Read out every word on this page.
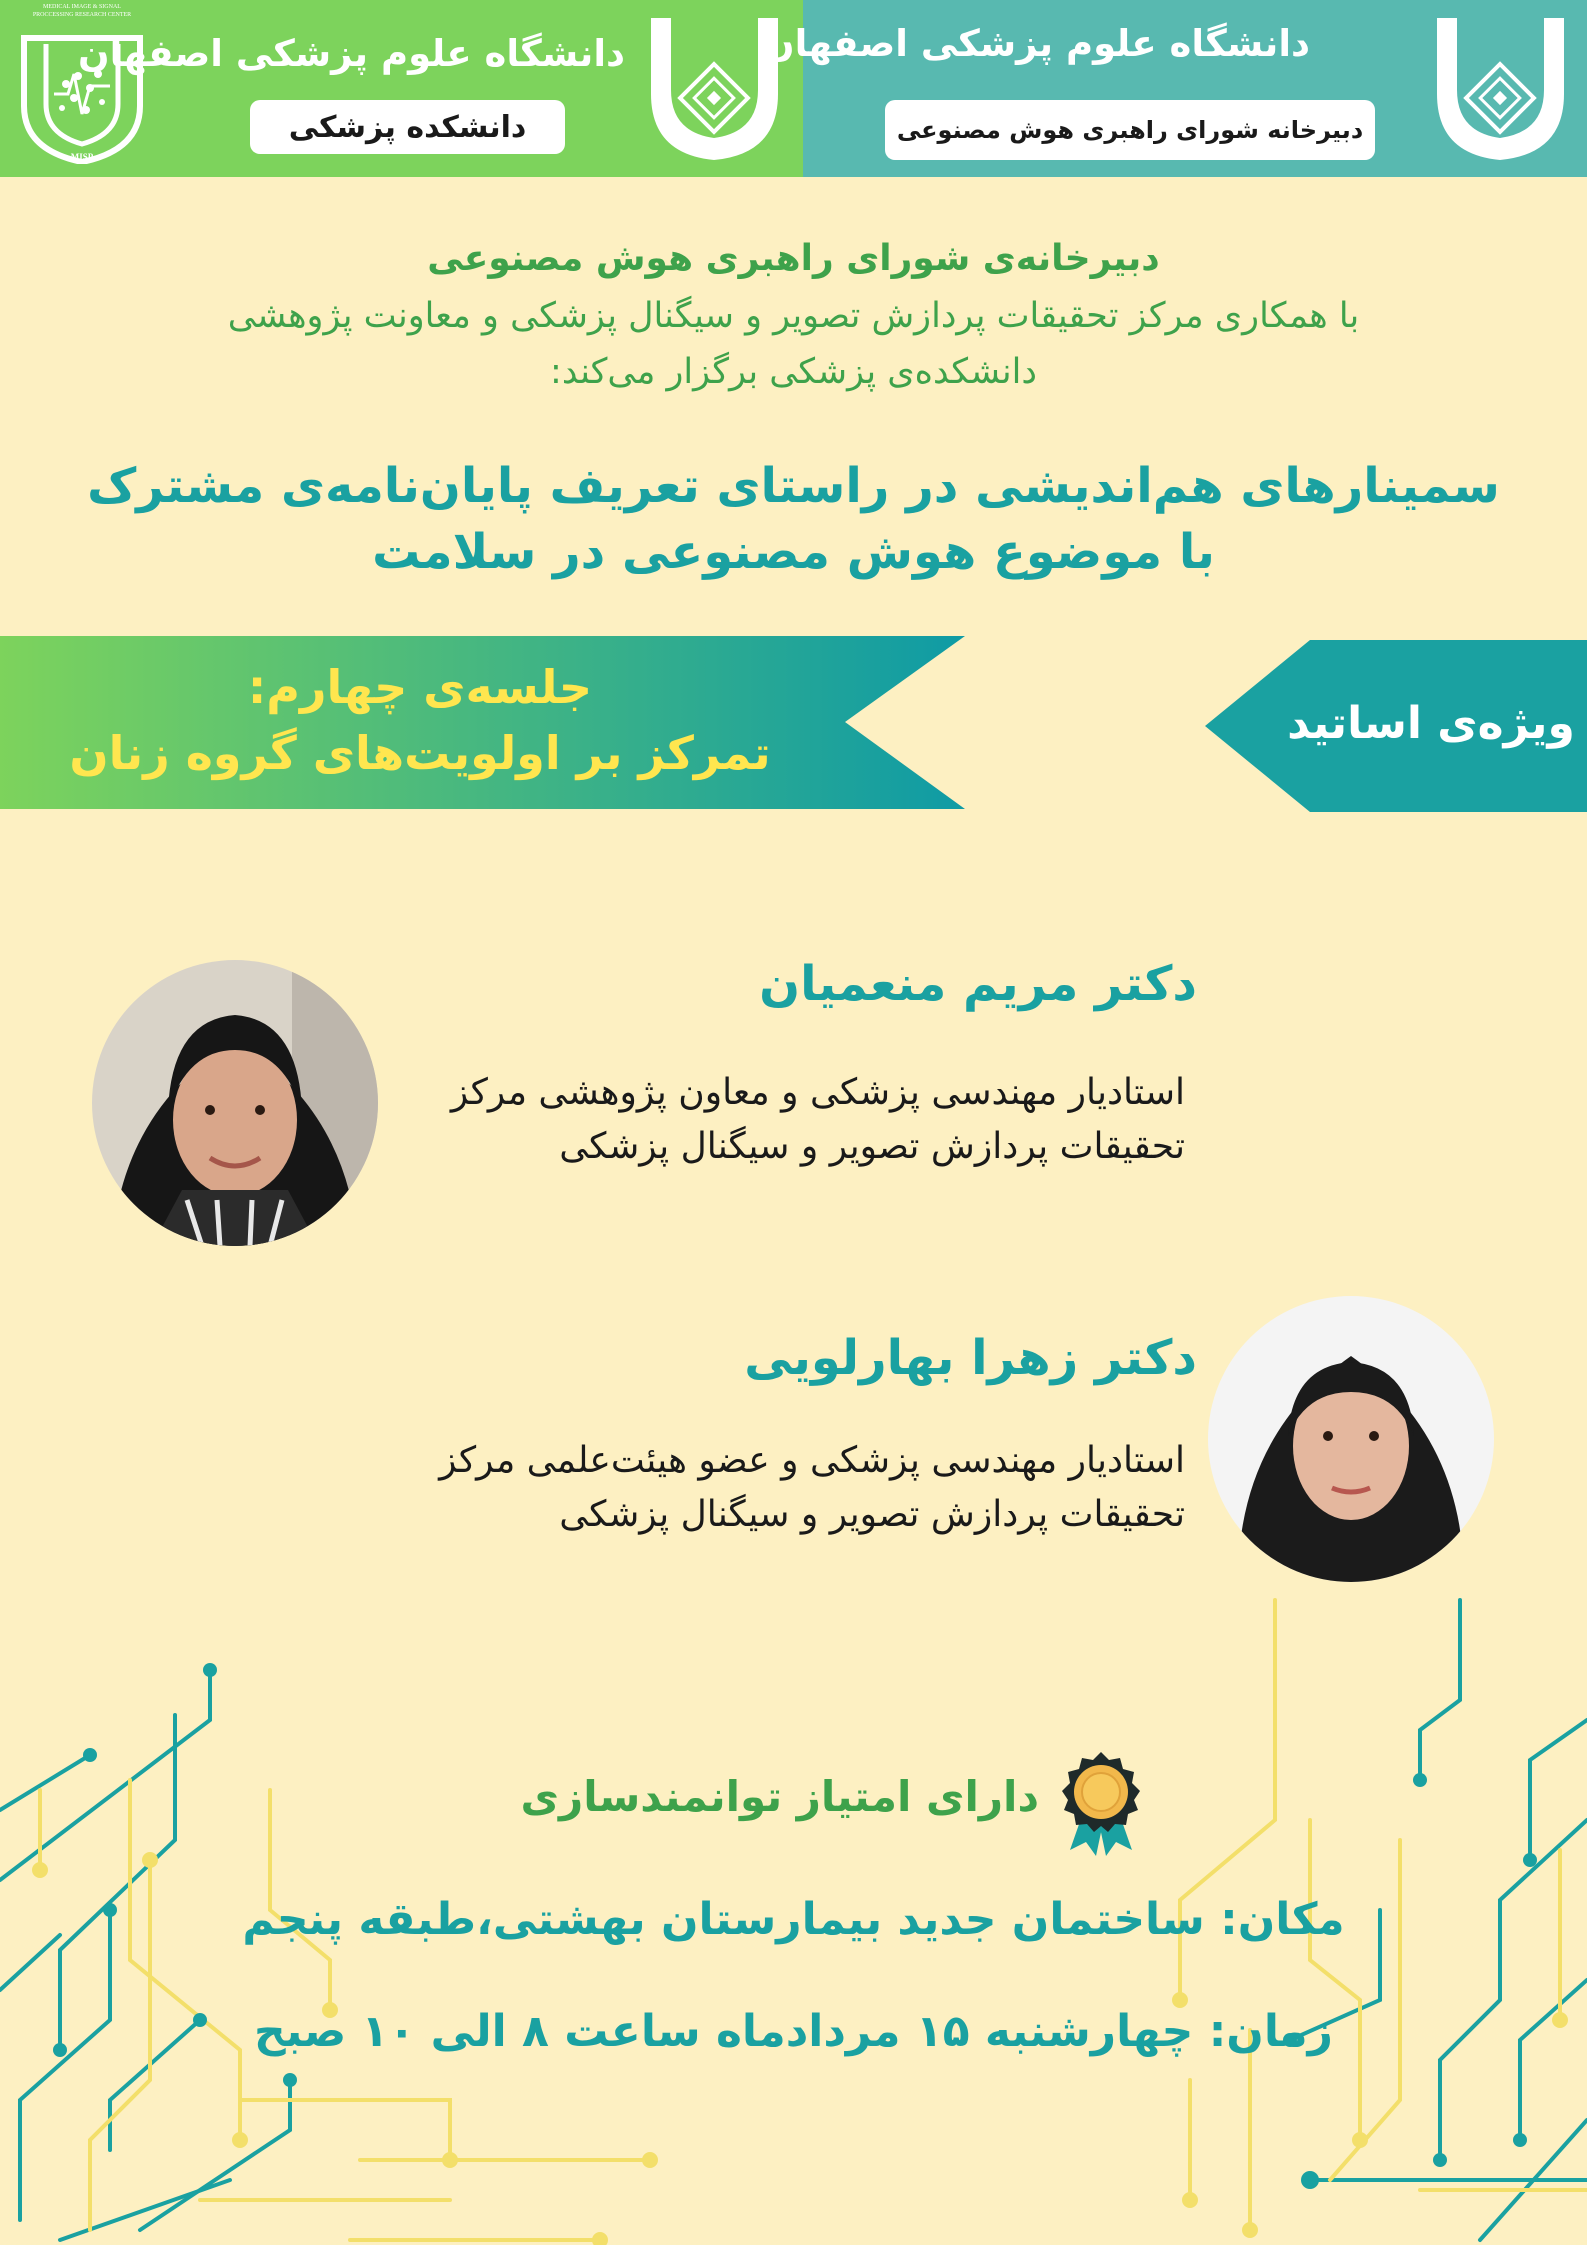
MEDICAL IMAGE & SIGNAL
PROCCESSING RESEARCH CENTER
MISP
دانشگاه علوم پزشکی اصفهان
دانشکده پزشکی
دانشگاه علوم پزشکی اصفهان
دبیرخانه شورای راهبری هوش مصنوعی
دبیرخانه‌ی شورای راهبری هوش مصنوعی
با همکاری مرکز تحقیقات پردازش تصویر و سیگنال پزشکی و معاونت پژوهشی
دانشکده‌ی پزشکی برگزار می‌کند:
سمینارهای هم‌اندیشی در راستای تعریف پایان‌نامه‌ی مشترک
با موضوع هوش مصنوعی در سلامت
جلسه‌ی چهارم:
تمرکز بر اولویت‌های گروه زنان
ویژه‌ی اساتید
دکتر مریم منعمیان
استادیار مهندسی پزشکی و معاون پژوهشی مرکز
تحقیقات پردازش تصویر و سیگنال پزشکی
دکتر زهرا بهارلویی
استادیار مهندسی پزشکی و عضو هیئت‌علمی مرکز
تحقیقات پردازش تصویر و سیگنال پزشکی
دارای امتیاز توانمندسازی
مکان: ساختمان جدید بیمارستان بهشتی،طبقه پنجم
زمان: چهارشنبه ۱۵ مردادماه ساعت ۸ الی ۱۰ صبح
